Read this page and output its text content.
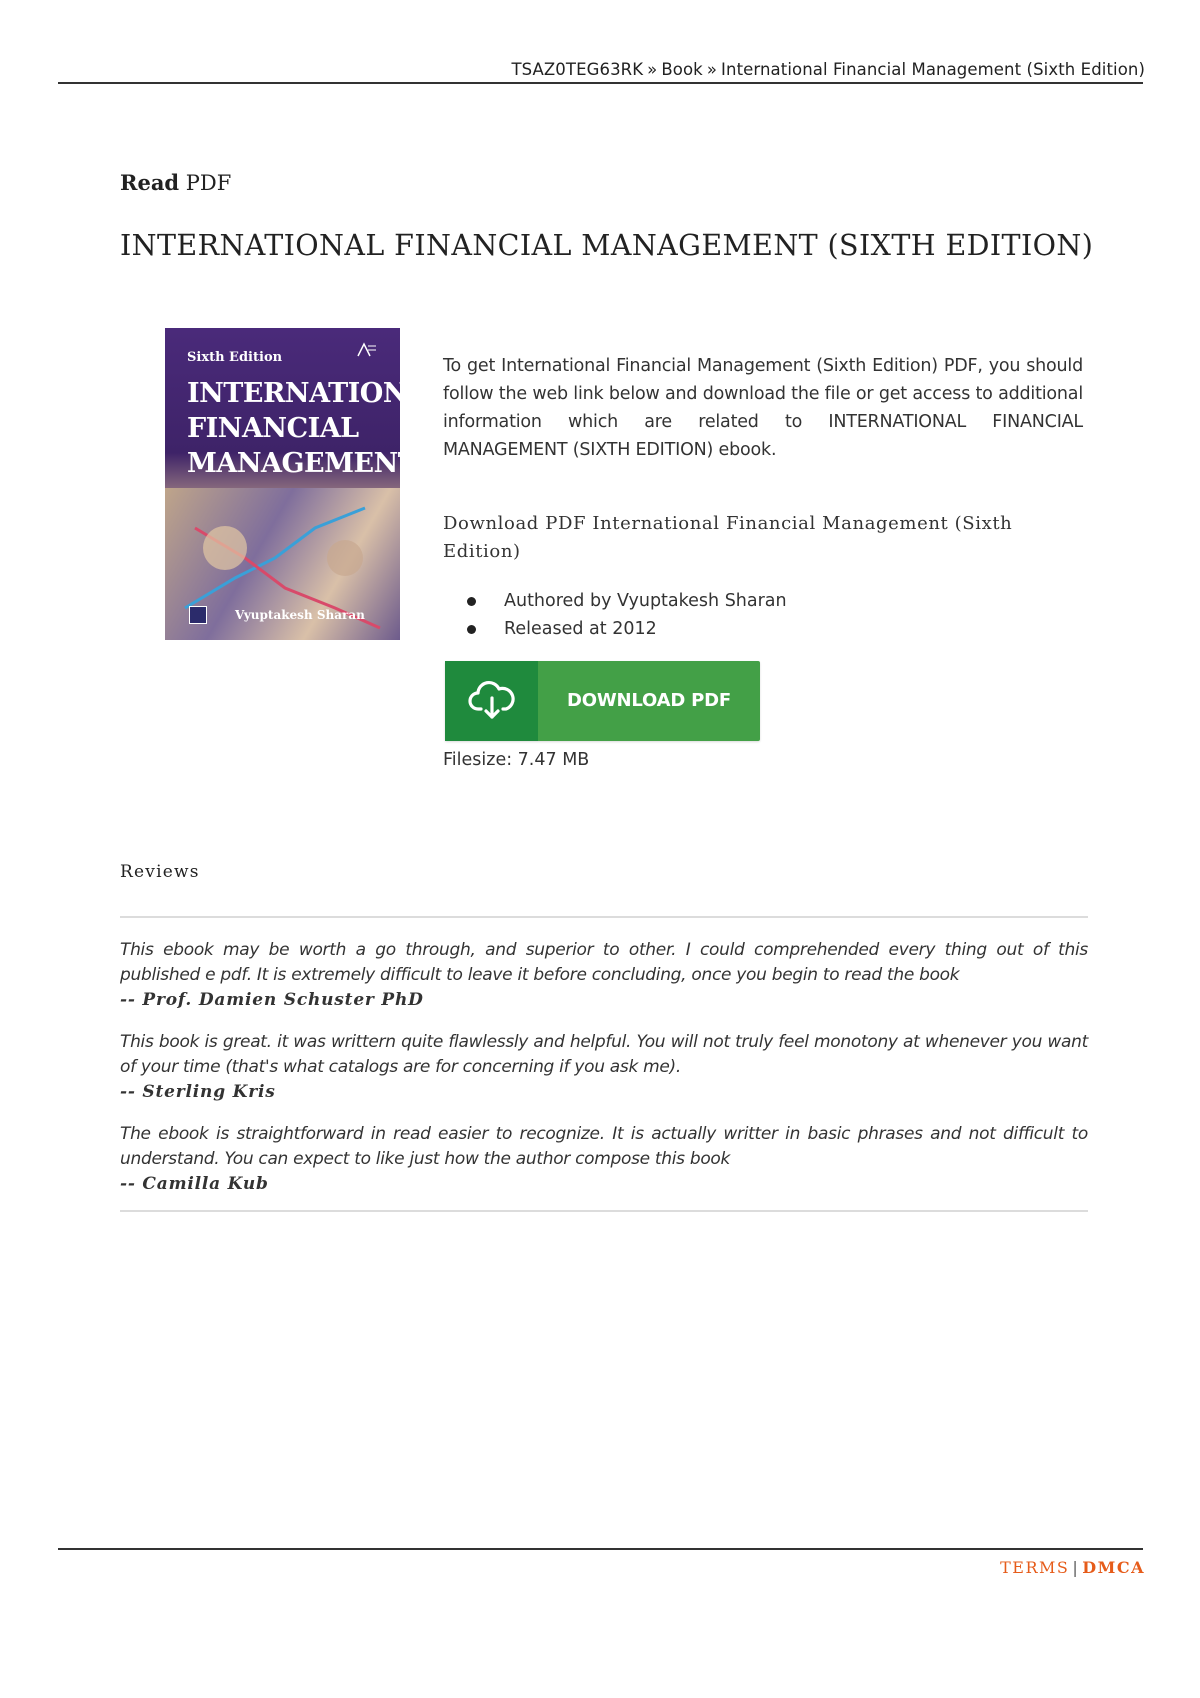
TSAZ0TEG63RK » Book » International Financial Management (Sixth Edition)
Read PDF
INTERNATIONAL FINANCIAL MANAGEMENT (SIXTH EDITION)
Sixth Edition
INTERNATIONAL FINANCIAL MANAGEMENT
Vyuptakesh Sharan

To get International Financial Management (Sixth Edition) PDF, you should follow the web link below and download the file or get access to additional information which are related to INTERNATIONAL FINANCIAL MANAGEMENT (SIXTH EDITION) ebook.

Download PDF International Financial Management (Sixth Edition)
Authored by Vyuptakesh Sharan
Released at 2012
DOWNLOAD PDF
Filesize: 7.47 MB
Reviews
This ebook may be worth a go through, and superior to other. I could comprehended every thing out of this published e pdf. It is extremely difficult to leave it before concluding, once you begin to read the book
-- Prof. Damien Schuster PhD
This book is great. it was writtern quite flawlessly and helpful. You will not truly feel monotony at whenever you want of your time (that's what catalogs are for concerning if you ask me).
-- Sterling Kris
The ebook is straightforward in read easier to recognize. It is actually writter in basic phrases and not difficult to understand. You can expect to like just how the author compose this book
-- Camilla Kub
TERMS | DMCA
